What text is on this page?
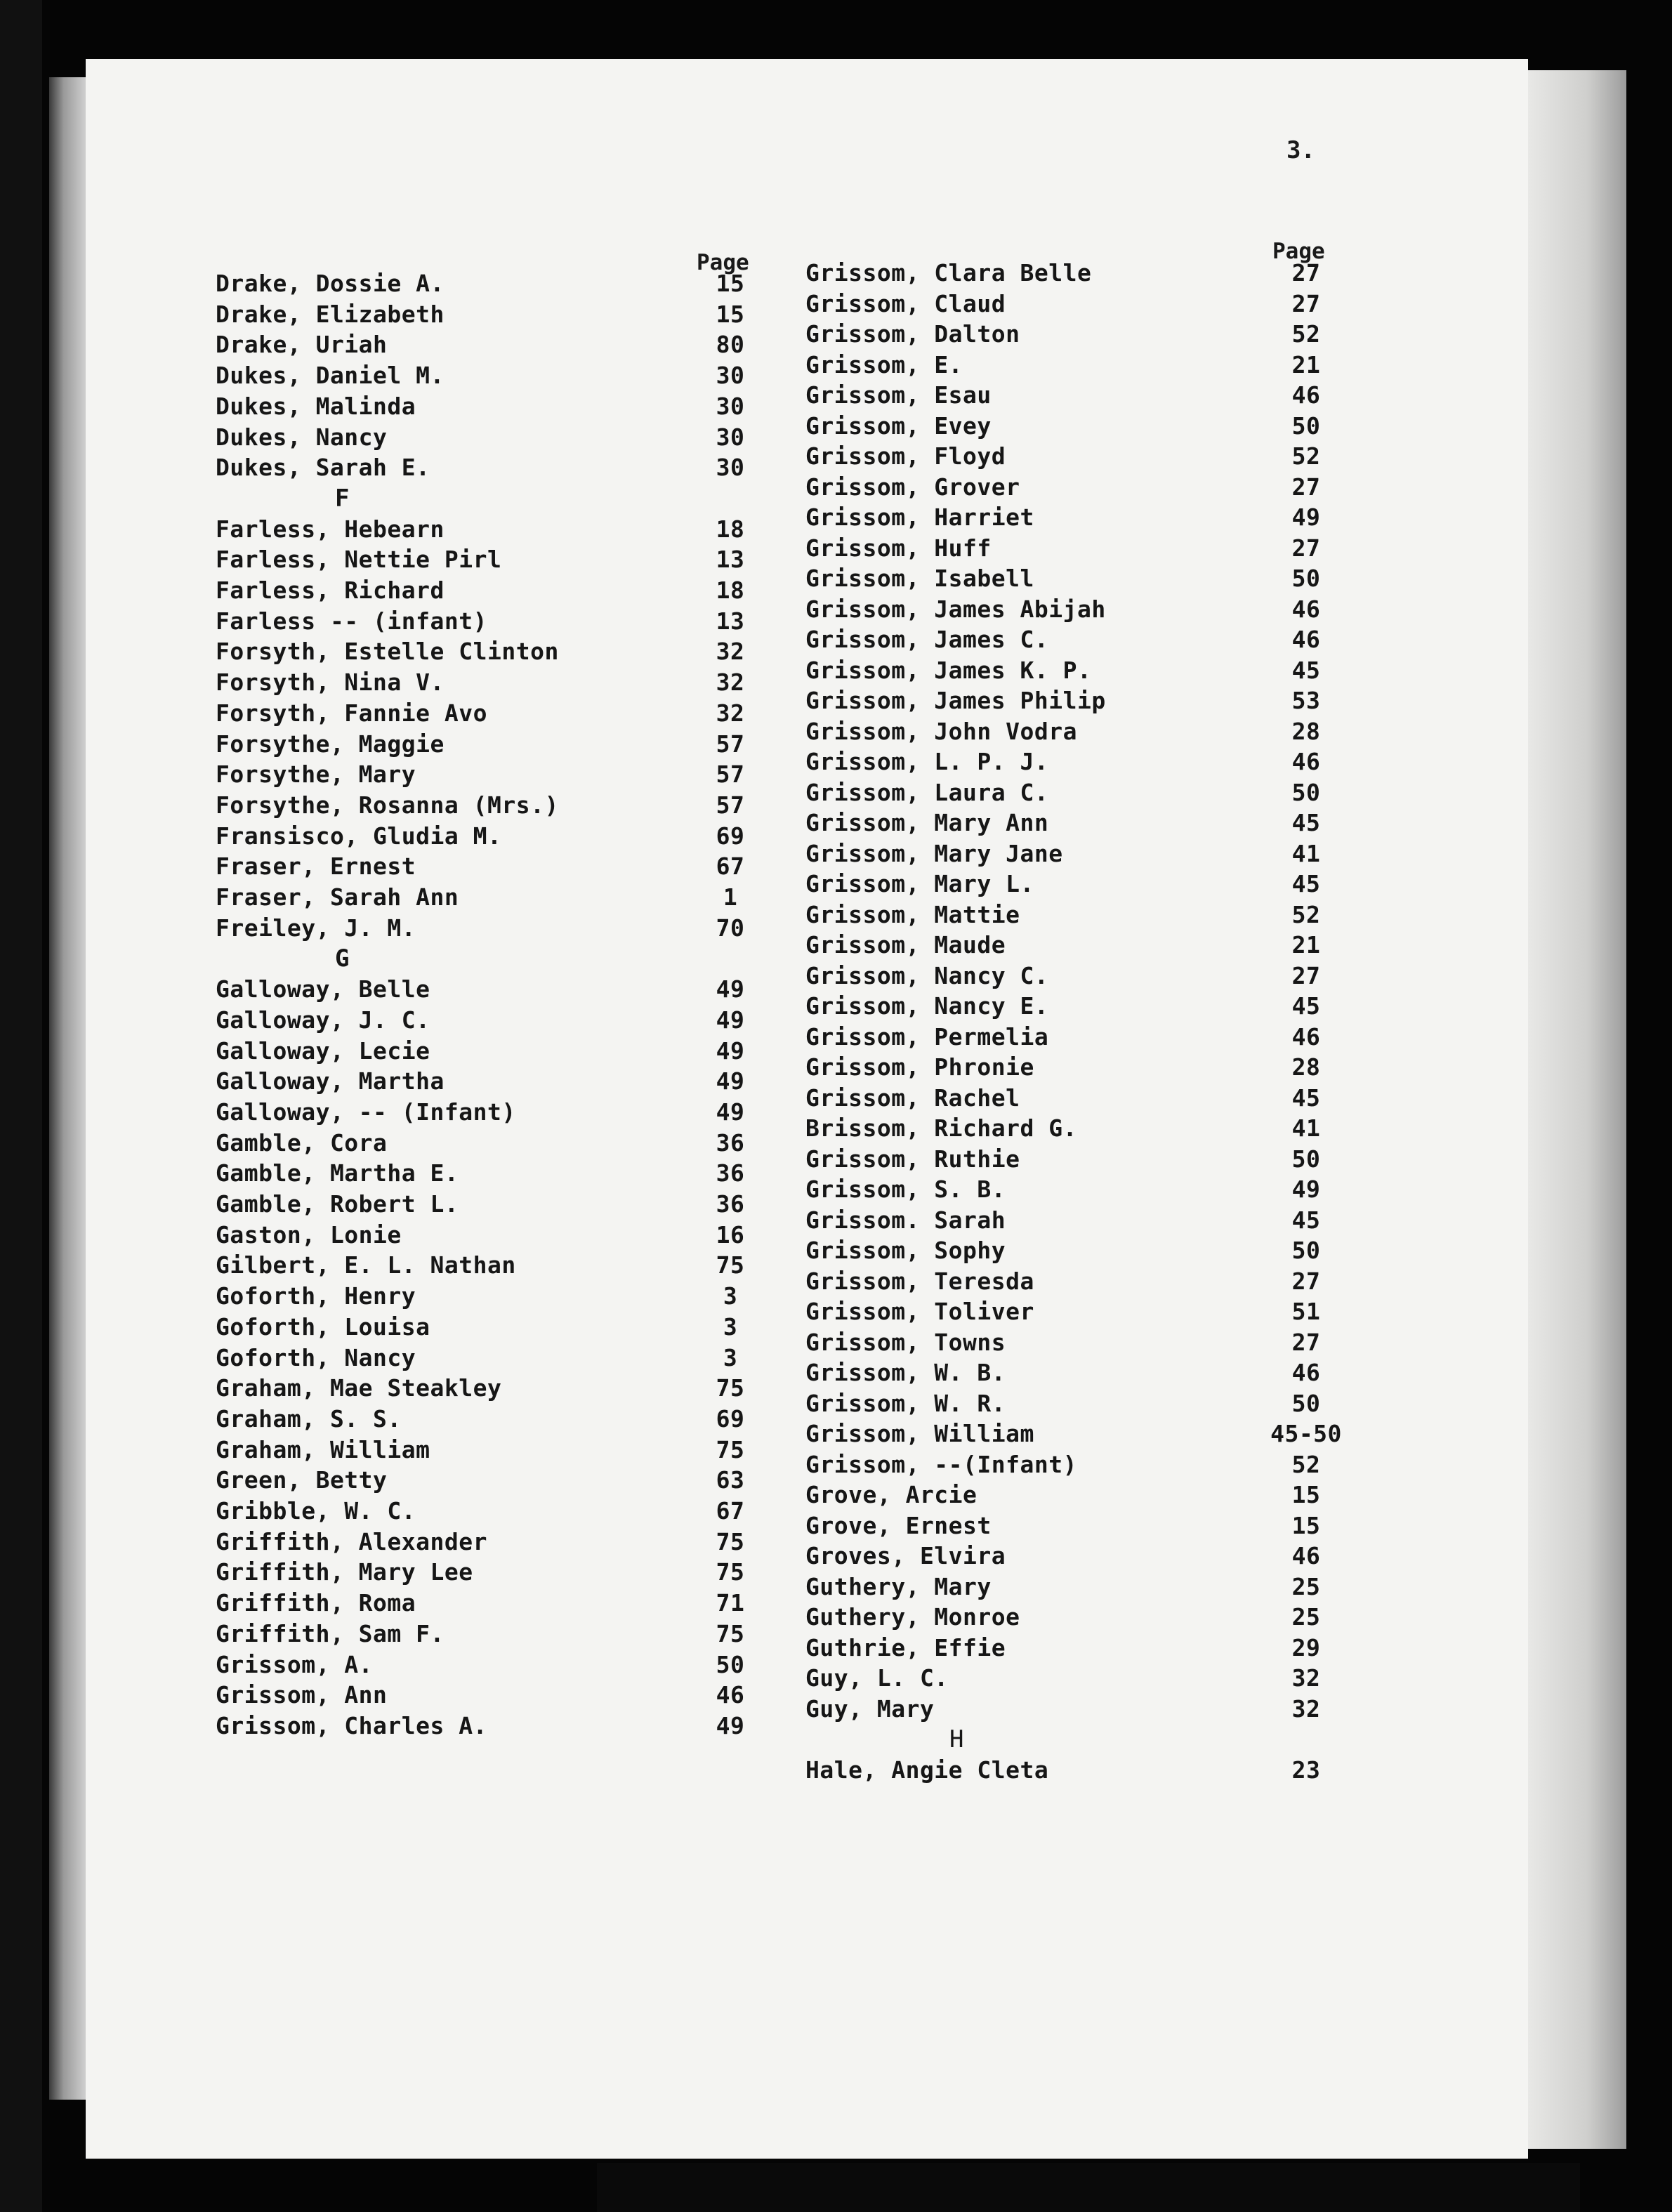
3.
Page	Page
Drake, Dossie A.	15
Drake, Elizabeth	15
Drake, Uriah	80
Dukes, Daniel M.	30
Dukes, Malinda	30
Dukes, Nancy	30
Dukes, Sarah E.	30
F
Farless, Hebearn	18
Farless, Nettie Pirl	13
Farless, Richard	18
Farless -- (infant)	13
Forsyth, Estelle Clinton	32
Forsyth, Nina V.	32
Forsyth, Fannie Avo	32
Forsythe, Maggie	57
Forsythe, Mary	57
Forsythe, Rosanna (Mrs.)	57
Fransisco, Gludia M.	69
Fraser, Ernest	67
Fraser, Sarah Ann	1
Freiley, J. M.	70
G
Galloway, Belle	49
Galloway, J. C.	49
Galloway, Lecie	49
Galloway, Martha	49
Galloway, -- (Infant)	49
Gamble, Cora	36
Gamble, Martha E.	36
Gamble, Robert L.	36
Gaston, Lonie	16
Gilbert, E. L. Nathan	75
Goforth, Henry	3
Goforth, Louisa	3
Goforth, Nancy	3
Graham, Mae Steakley	75
Graham, S. S.	69
Graham, William	75
Green, Betty	63
Gribble, W. C.	67
Griffith, Alexander	75
Griffith, Mary Lee	75
Griffith, Roma	71
Griffith, Sam F.	75
Grissom, A.	50
Grissom, Ann	46
Grissom, Charles A.	49
Grissom, Clara Belle	27
Grissom, Claud	27
Grissom, Dalton	52
Grissom, E.	21
Grissom, Esau	46
Grissom, Evey	50
Grissom, Floyd	52
Grissom, Grover	27
Grissom, Harriet	49
Grissom, Huff	27
Grissom, Isabell	50
Grissom, James Abijah	46
Grissom, James C.	46
Grissom, James K. P.	45
Grissom, James Philip	53
Grissom, John Vodra	28
Grissom, L. P. J.	46
Grissom, Laura C.	50
Grissom, Mary Ann	45
Grissom, Mary Jane	41
Grissom, Mary L.	45
Grissom, Mattie	52
Grissom, Maude	21
Grissom, Nancy C.	27
Grissom, Nancy E.	45
Grissom, Permelia	46
Grissom, Phronie	28
Grissom, Rachel	45
Brissom, Richard G.	41
Grissom, Ruthie	50
Grissom, S. B.	49
Grissom. Sarah	45
Grissom, Sophy	50
Grissom, Teresda	27
Grissom, Toliver	51
Grissom, Towns	27
Grissom, W. B.	46
Grissom, W. R.	50
Grissom, William	45-50
Grissom, --(Infant)	52
Grove, Arcie	15
Grove, Ernest	15
Groves, Elvira	46
Guthery, Mary	25
Guthery, Monroe	25
Guthrie, Effie	29
Guy, L. C.	32
Guy, Mary	32
H
Hale, Angie Cleta	23
